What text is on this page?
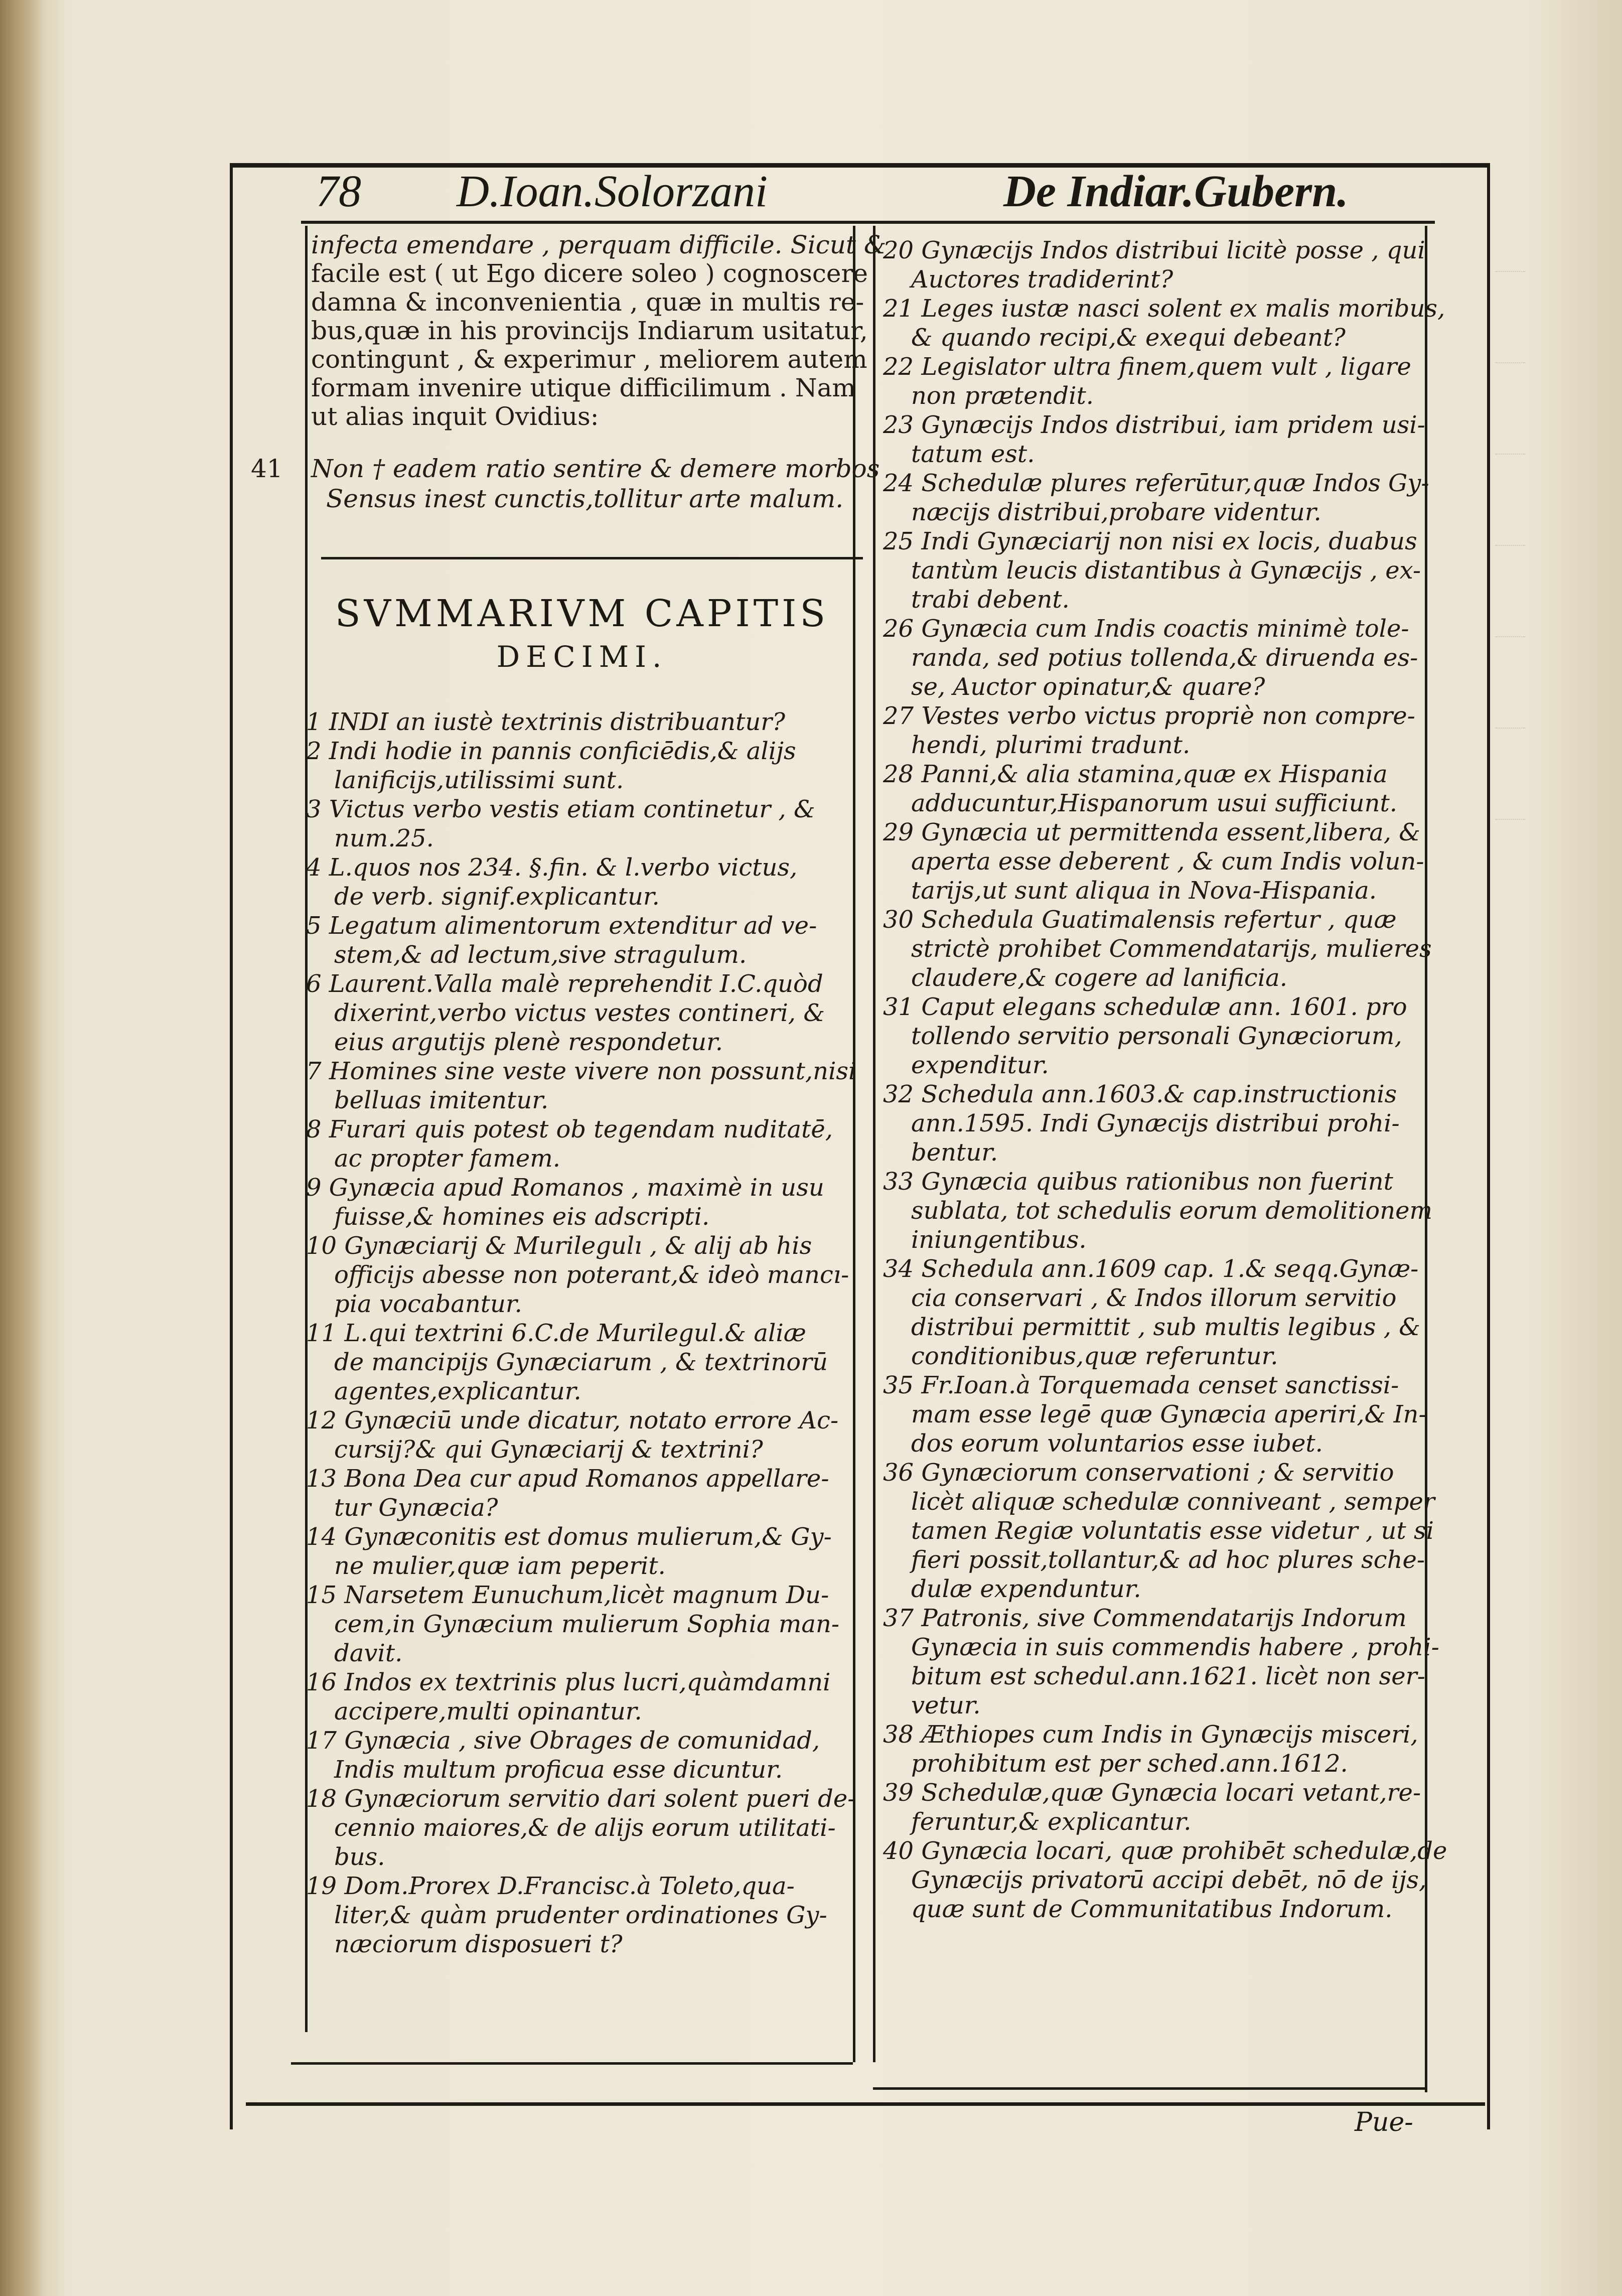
78 D.Ioan.Solorzani	De Indiar.Gubern.
infecta emendare , perquam difficile. Sicut &
facile est ( ut Ego dicere soleo ) cognoscere
damna & inconvenientia , quæ in multis re-
bus,quæ in his provincijs Indiarum usitatur,
contingunt , & experimur , meliorem autem
formam invenire utique difficilimum . Nam
ut alias inquit Ovidius:
41 Non † eadem ratio sentire & demere morbos
Sensus inest cunctis,tollitur arte malum.
SVMMARIVM CAPITIS
DECIMI.
1 INDI an iustè textrinis distribuantur?
2 Indi hodie in pannis conficiēdis,& alijs
lanificijs,utilissimi sunt.
3 Victus verbo vestis etiam continetur , &
num.25.
4 L.quos nos 234. §.fin. & l.verbo victus,
de verb. signif.explicantur.
5 Legatum alimentorum extenditur ad ve-
stem,& ad lectum,sive stragulum.
6 Laurent.Valla malè reprehendit I.C.quòd
dixerint,verbo victus vestes contineri, &
eius argutijs plenè respondetur.
7 Homines sine veste vivere non possunt,nisi
belluas imitentur.
8 Furari quis potest ob tegendam nuditatē,
ac propter famem.
9 Gynæcia apud Romanos , maximè in usu
fuisse,& homines eis adscripti.
10 Gynæciarij & Murilegulı , & alij ab his
officijs abesse non poterant,& ideò mancı-
pia vocabantur.
11 L.qui textrini 6.C.de Murilegul.& aliæ
de mancipijs Gynæciarum , & textrinorū
agentes,explicantur.
12 Gynæciū unde dicatur, notato errore Ac-
cursij?& qui Gynæciarij & textrini?
13 Bona Dea cur apud Romanos appellare-
tur Gynæcia?
14 Gynæconitis est domus mulierum,& Gy-
ne mulier,quæ iam peperit.
15 Narsetem Eunuchum,licèt magnum Du-
cem,in Gynæcium mulierum Sophia man-
davit.
16 Indos ex textrinis plus lucri,quàmdamni
accipere,multi opinantur.
17 Gynæcia , sive Obrages de comunidad,
Indis multum proficua esse dicuntur.
18 Gynæciorum servitio dari solent pueri de-
cennio maiores,& de alijs eorum utilitati-
bus.
19 Dom.Prorex D.Francisc.à Toleto,qua-
liter,& quàm prudenter ordinationes Gy-
næciorum disposueri t?
20 Gynæcijs Indos distribui licitè posse , qui
Auctores tradiderint?
21 Leges iustæ nasci solent ex malis moribus,
& quando recipi,& exequi debeant?
22 Legislator ultra finem,quem vult , ligare
non prætendit.
23 Gynæcijs Indos distribui, iam pridem usi-
tatum est.
24 Schedulæ plures referūtur,quæ Indos Gy-
næcijs distribui,probare videntur.
25 Indi Gynæciarij non nisi ex locis, duabus
tantùm leucis distantibus à Gynæcijs , ex-
trabi debent.
26 Gynæcia cum Indis coactis minimè tole-
randa, sed potius tollenda,& diruenda es-
se, Auctor opinatur,& quare?
27 Vestes verbo victus propriè non compre-
hendi, plurimi tradunt.
28 Panni,& alia stamina,quæ ex Hispania
adducuntur,Hispanorum usui sufficiunt.
29 Gynæcia ut permittenda essent,libera, &
aperta esse deberent , & cum Indis volun-
tarijs,ut sunt aliqua in Nova-Hispania.
30 Schedula Guatimalensis refertur , quæ
strictè prohibet Commendatarijs, mulieres
claudere,& cogere ad lanificia.
31 Caput elegans schedulæ ann. 1601. pro
tollendo servitio personali Gynæciorum,
expenditur.
32 Schedula ann.1603.& cap.instructionis
ann.1595. Indi Gynæcijs distribui prohi-
bentur.
33 Gynæcia quibus rationibus non fuerint
sublata, tot schedulis eorum demolitionem
iniungentibus.
34 Schedula ann.1609 cap. 1.& seqq.Gynæ-
cia conservari , & Indos illorum servitio
distribui permittit , sub multis legibus , &
conditionibus,quæ referuntur.
35 Fr.Ioan.à Torquemada censet sanctissi-
mam esse legē quæ Gynæcia aperiri,& In-
dos eorum voluntarios esse iubet.
36 Gynæciorum conservationi ; & servitio
licèt aliquæ schedulæ conniveant , semper
tamen Regiæ voluntatis esse videtur , ut si
fieri possit,tollantur,& ad hoc plures sche-
dulæ expenduntur.
37 Patronis, sive Commendatarijs Indorum
Gynæcia in suis commendis habere , prohi-
bitum est schedul.ann.1621. licèt non ser-
vetur.
38 Æthiopes cum Indis in Gynæcijs misceri,
prohibitum est per sched.ann.1612.
39 Schedulæ,quæ Gynæcia locari vetant,re-
feruntur,& explicantur.
40 Gynæcia locari, quæ prohibēt schedulæ,de
Gynæcijs privatorū accipi debēt, nō de ijs,
quæ sunt de Communitatibus Indorum.
Pue-
